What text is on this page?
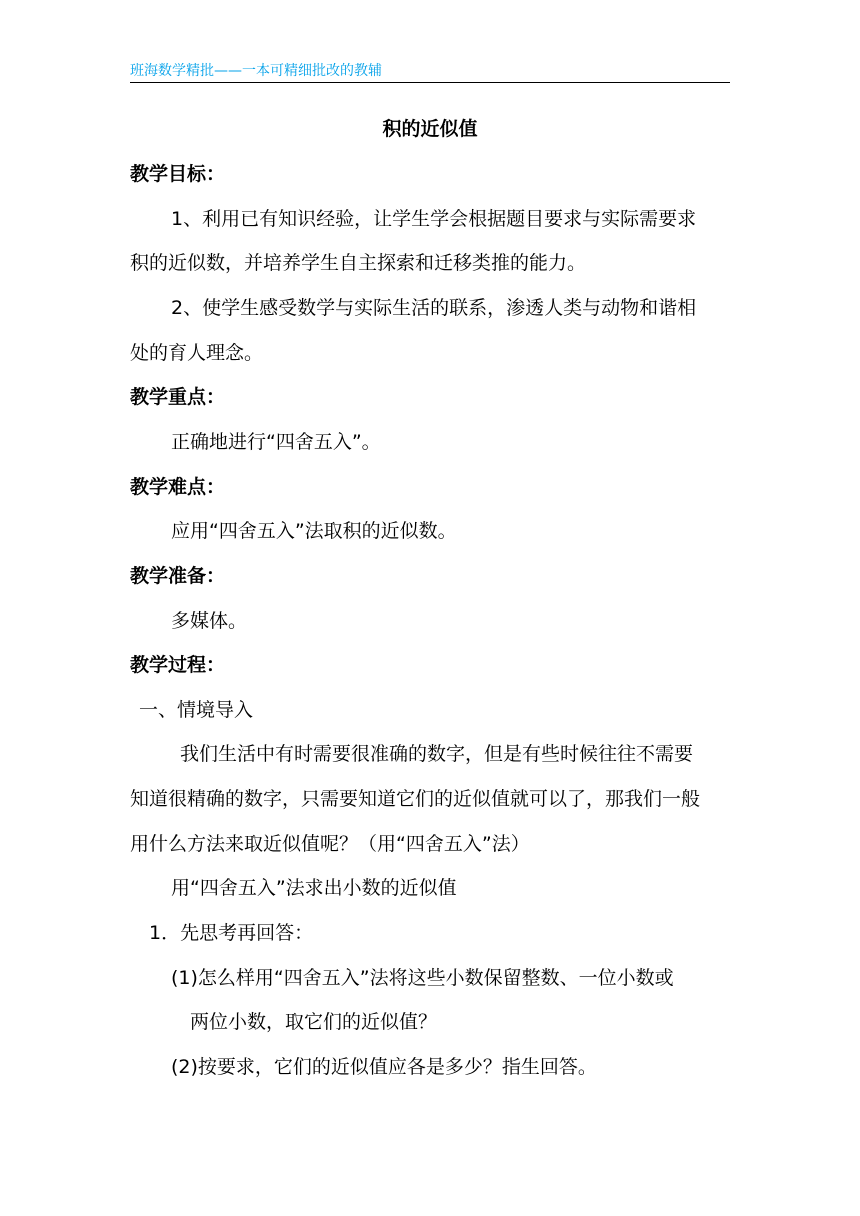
班海数学精批——一本可精细批改的教辅
积的近似值
教学目标：
1、利用已有知识经验，让学生学会根据题目要求与实际需要求
积的近似数，并培养学生自主探索和迁移类推的能力。
2、使学生感受数学与实际生活的联系，渗透人类与动物和谐相
处的育人理念。
教学重点：
正确地进行“四舍五入”。
教学难点：
应用“四舍五入”法取积的近似数。
教学准备：
多媒体。
教学过程：
一、情境导入
我们生活中有时需要很准确的数字，但是有些时候往往不需要
知道很精确的数字，只需要知道它们的近似值就可以了，那我们一般
用什么方法来取近似值呢？（用“四舍五入”法）
用“四舍五入”法求出小数的近似值
1．先思考再回答：
(1)怎么样用“四舍五入”法将这些小数保留整数、一位小数或
两位小数，取它们的近似值？
(2)按要求，它们的近似值应各是多少？指生回答。
